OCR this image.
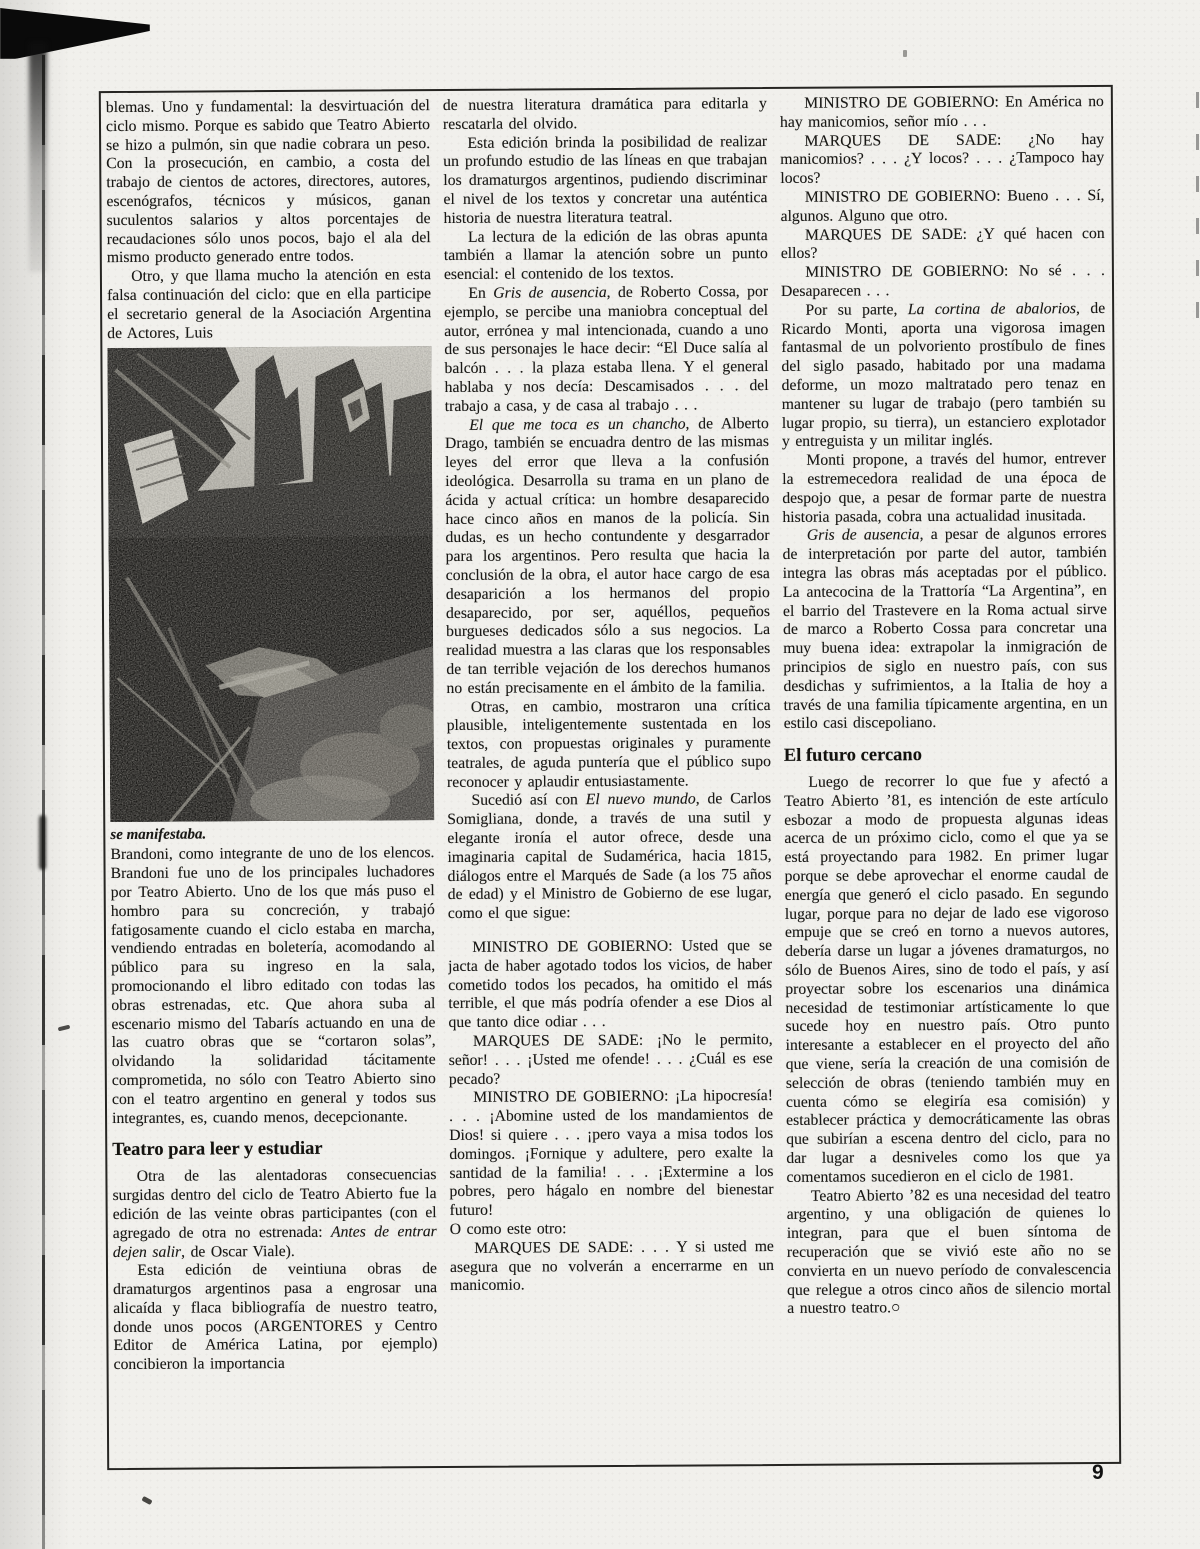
blemas. Uno y fundamental: la desvirtuación del ciclo mismo. Porque es sabido que Teatro Abierto se hizo a pulmón, sin que nadie cobrara un peso. Con la prosecución, en cambio, a costa del trabajo de cientos de actores, directores, autores, escenógrafos, técnicos y músicos, ganan suculentos salarios y altos porcentajes de recaudaciones sólo unos pocos, bajo el ala del mismo producto generado entre todos.

Otro, y que llama mucho la atención en esta falsa continuación del ciclo: que en ella participe el secretario general de la Asociación Argentina de Actores, Luis

se manifestaba.

Brandoni, como integrante de uno de los elencos. Brandoni fue uno de los principales luchadores por Teatro Abierto. Uno de los que más puso el hombro para su concreción, y trabajó fatigosamente cuando el ciclo estaba en marcha, vendiendo entradas en boletería, acomodando al público para su ingreso en la sala, promocionando el libro editado con todas las obras estrenadas, etc. Que ahora suba al escenario mismo del Tabarís actuando en una de las cuatro obras que se “cortaron solas”, olvidando la solidaridad tácitamente comprometida, no sólo con Teatro Abierto sino con el teatro argentino en general y todos sus integrantes, es, cuando menos, decepcionante.

Teatro para leer y estudiar

Otra de las alentadoras consecuencias surgidas dentro del ciclo de Teatro Abierto fue la edición de las veinte obras participantes (con el agregado de otra no estrenada: Antes de entrar dejen salir, de Oscar Viale).

Esta edición de veintiuna obras de dramaturgos argentinos pasa a engrosar una alicaída y flaca bibliografía de nuestro teatro, donde unos pocos (ARGENTORES y Centro Editor de América Latina, por ejemplo) concibieron la importancia

de nuestra literatura dramática para editarla y rescatarla del olvido.

Esta edición brinda la posibilidad de realizar un profundo estudio de las líneas en que trabajan los dramaturgos argentinos, pudiendo discriminar el nivel de los textos y concretar una auténtica historia de nuestra literatura teatral.

La lectura de la edición de las obras apunta también a llamar la atención sobre un punto esencial: el contenido de los textos.

En Gris de ausencia, de Roberto Cossa, por ejemplo, se percibe una maniobra conceptual del autor, errónea y mal intencionada, cuando a uno de sus personajes le hace decir: “El Duce salía al balcón . . . la plaza estaba llena. Y el general hablaba y nos decía: Descamisados . . . del trabajo a casa, y de casa al trabajo . . .

El que me toca es un chancho, de Alberto Drago, también se encuadra dentro de las mismas leyes del error que lleva a la confusión ideológica. Desarrolla su trama en un plano de ácida y actual crítica: un hombre desaparecido hace cinco años en manos de la policía. Sin dudas, es un hecho contundente y desgarrador para los argentinos. Pero resulta que hacia la conclusión de la obra, el autor hace cargo de esa desaparición a los hermanos del propio desaparecido, por ser, aquéllos, pequeños burgueses dedicados sólo a sus negocios. La realidad muestra a las claras que los responsables de tan terrible vejación de los derechos humanos no están precisamente en el ámbito de la familia.

Otras, en cambio, mostraron una crítica plausible, inteligentemente sustentada en los textos, con propuestas originales y puramente teatrales, de aguda puntería que el público supo reconocer y aplaudir entusiastamente.

Sucedió así con El nuevo mundo, de Carlos Somigliana, donde, a través de una sutil y elegante ironía el autor ofrece, desde una imaginaria capital de Sudamérica, hacia 1815, diálogos entre el Marqués de Sade (a los 75 años de edad) y el Ministro de Gobierno de ese lugar, como el que sigue:

MINISTRO DE GOBIERNO: Usted que se jacta de haber agotado todos los vicios, de haber cometido todos los pecados, ha omitido el más terrible, el que más podría ofender a ese Dios al que tanto dice odiar . . .

MARQUES DE SADE: ¡No le permito, señor! . . . ¡Usted me ofende! . . . ¿Cuál es ese pecado?

MINISTRO DE GOBIERNO: ¡La hipocresía! . . . ¡Abomine usted de los mandamientos de Dios! si quiere . . . ¡pero vaya a misa todos los domingos. ¡Fornique y adultere, pero exalte la santidad de la familia! . . . ¡Extermine a los pobres, pero hágalo en nombre del bienestar futuro!

O como este otro:

MARQUES DE SADE: . . . Y si usted me asegura que no volverán a encerrarme en un manicomio.

MINISTRO DE GOBIERNO: En América no hay manicomios, señor mío . . .

MARQUES DE SADE: ¿No hay manicomios? . . . ¿Y locos? . . . ¿Tampoco hay locos?

MINISTRO DE GOBIERNO: Bueno . . . Sí, algunos. Alguno que otro.

MARQUES DE SADE: ¿Y qué hacen con ellos?

MINISTRO DE GOBIERNO: No sé . . . Desaparecen . . .

Por su parte, La cortina de abalorios, de Ricardo Monti, aporta una vigorosa imagen fantasmal de un polvoriento prostíbulo de fines del siglo pasado, habitado por una madama deforme, un mozo maltratado pero tenaz en mantener su lugar de trabajo (pero también su lugar propio, su tierra), un estanciero explotador y entreguista y un militar inglés.

Monti propone, a través del humor, entrever la estremecedora realidad de una época de despojo que, a pesar de formar parte de nuestra historia pasada, cobra una actualidad inusitada.

Gris de ausencia, a pesar de algunos errores de interpretación por parte del autor, también integra las obras más aceptadas por el público. La antecocina de la Trattoría “La Argentina”, en el barrio del Trastevere en la Roma actual sirve de marco a Roberto Cossa para concretar una muy buena idea: extrapolar la inmigración de principios de siglo en nuestro país, con sus desdichas y sufrimientos, a la Italia de hoy a través de una familia típicamente argentina, en un estilo casi discepoliano.

El futuro cercano

Luego de recorrer lo que fue y afectó a Teatro Abierto ’81, es intención de este artículo esbozar a modo de propuesta algunas ideas acerca de un próximo ciclo, como el que ya se está proyectando para 1982. En primer lugar porque se debe aprovechar el enorme caudal de energía que generó el ciclo pasado. En segundo lugar, porque para no dejar de lado ese vigoroso empuje que se creó en torno a nuevos autores, debería darse un lugar a jóvenes dramaturgos, no sólo de Buenos Aires, sino de todo el país, y así proyectar sobre los escenarios una dinámica necesidad de testimoniar artísticamente lo que sucede hoy en nuestro país. Otro punto interesante a establecer en el proyecto del año que viene, sería la creación de una comisión de selección de obras (teniendo también muy en cuenta cómo se elegiría esa comisión) y establecer práctica y democráticamente las obras que subirían a escena dentro del ciclo, para no dar lugar a desniveles como los que ya comentamos sucedieron en el ciclo de 1981.

Teatro Abierto ’82 es una necesidad del teatro argentino, y una obligación de quienes lo integran, para que el buen síntoma de recuperación que se vivió este año no se convierta en un nuevo período de convalescencia que relegue a otros cinco años de silencio mortal a nuestro teatro.○

9
